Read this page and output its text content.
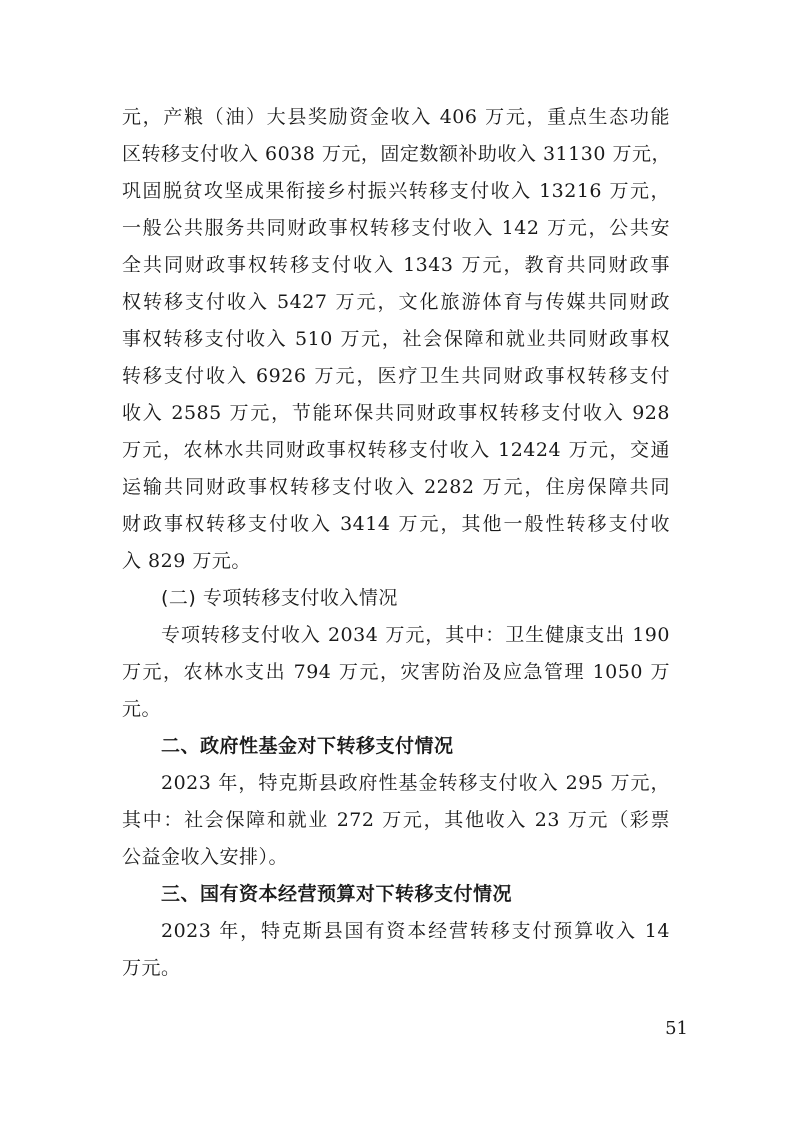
元，产粮（油）大县奖励资金收入 406 万元，重点生态功能
区转移支付收入 6038 万元，固定数额补助收入 31130 万元，
巩固脱贫攻坚成果衔接乡村振兴转移支付收入 13216 万元，
一般公共服务共同财政事权转移支付收入 142 万元，公共安
全共同财政事权转移支付收入 1343 万元，教育共同财政事
权转移支付收入 5427 万元，文化旅游体育与传媒共同财政
事权转移支付收入 510 万元，社会保障和就业共同财政事权
转移支付收入 6926 万元，医疗卫生共同财政事权转移支付
收入 2585 万元，节能环保共同财政事权转移支付收入 928
万元，农林水共同财政事权转移支付收入 12424 万元，交通
运输共同财政事权转移支付收入 2282 万元，住房保障共同
财政事权转移支付收入 3414 万元，其他一般性转移支付收
入 829 万元。
(二) 专项转移支付收入情况
专项转移支付收入 2034 万元，其中：卫生健康支出 190
万元，农林水支出 794 万元，灾害防治及应急管理 1050 万
元。
二、政府性基金对下转移支付情况
2023 年，特克斯县政府性基金转移支付收入 295 万元，
其中：社会保障和就业 272 万元，其他收入 23 万元（彩票
公益金收入安排）。
三、国有资本经营预算对下转移支付情况
2023 年，特克斯县国有资本经营转移支付预算收入 14
万元。
51
